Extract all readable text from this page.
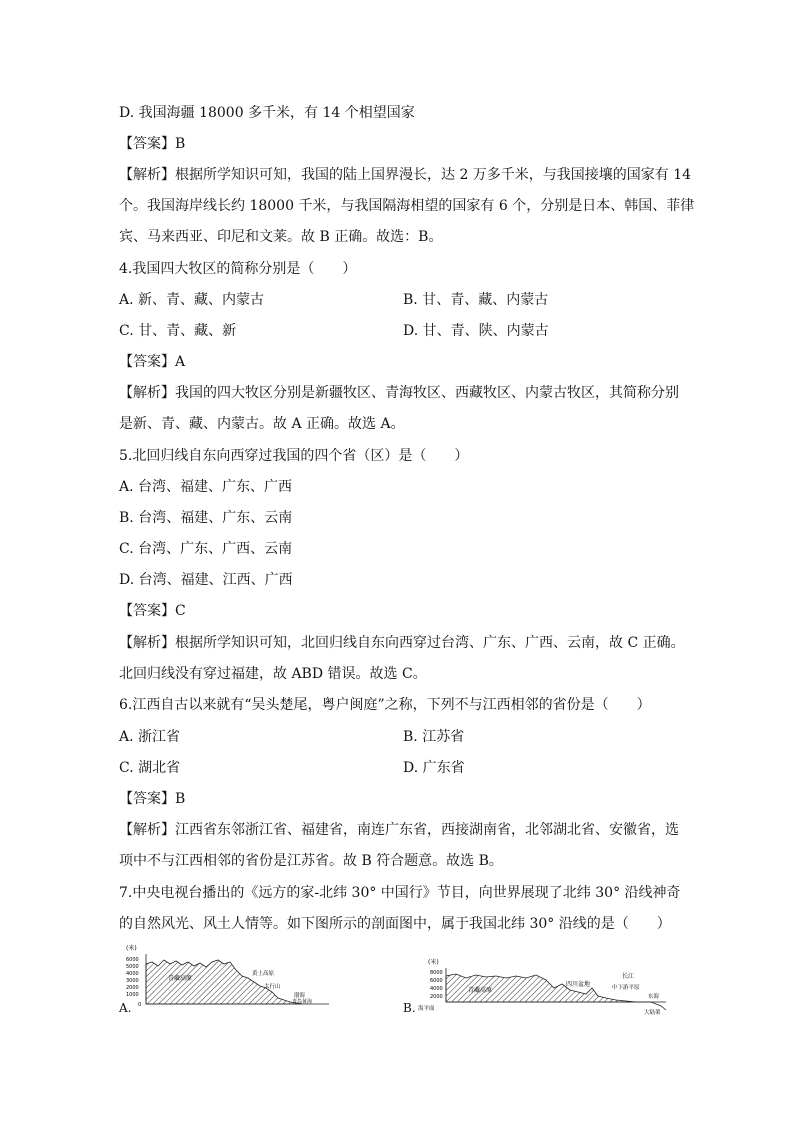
D. 我国海疆 18000 多千米，有 14 个相望国家
【答案】B
【解析】根据所学知识可知，我国的陆上国界漫长，达 2 万多千米，与我国接壤的国家有 14
个。我国海岸线长约 18000 千米，与我国隔海相望的国家有 6 个，分别是日本、韩国、菲律
宾、马来西亚、印尼和文莱。故 B 正确。故选：B。
4.我国四大牧区的简称分别是（　　）
A. 新、青、藏、内蒙古	B. 甘、青、藏、内蒙古
C. 甘、青、藏、新	D. 甘、青、陕、内蒙古
【答案】A
【解析】我国的四大牧区分别是新疆牧区、青海牧区、西藏牧区、内蒙古牧区，其简称分别
是新、青、藏、内蒙古。故 A 正确。故选 A。
5.北回归线自东向西穿过我国的四个省（区）是（　　）
A. 台湾、福建、广东、广西
B. 台湾、福建、广东、云南
C. 台湾、广东、广西、云南
D. 台湾、福建、江西、广西
【答案】C
【解析】根据所学知识可知，北回归线自东向西穿过台湾、广东、广西、云南，故 C 正确。
北回归线没有穿过福建，故 ABD 错误。故选 C。
6.江西自古以来就有“吴头楚尾，粤户闽庭”之称，下列不与江西相邻的省份是（　　）
A. 浙江省	B. 江苏省
C. 湖北省	D. 广东省
【答案】B
【解析】江西省东邻浙江省、福建省，南连广东省，西接湖南省，北邻湖北省、安徽省，选
项中不与江西相邻的省份是江苏省。故 B 符合题意。故选 B。
7.中央电视台播出的《远方的家-北纬 30° 中国行》节目，向世界展现了北纬 30° 沿线神奇
的自然风光、风土人情等。如下图所示的剖面图中，属于我国北纬 30° 沿线的是（　　）
A.
(米)
6000
5000
4000
3000
2000
1000
0
青藏高原
黄土高原
太行山
渤海
青岛黄海	B.
(米)
8000
6000
4000
2000
青藏高原
四川盆地
长江
中下游平原
东海
海平面
大陆架
